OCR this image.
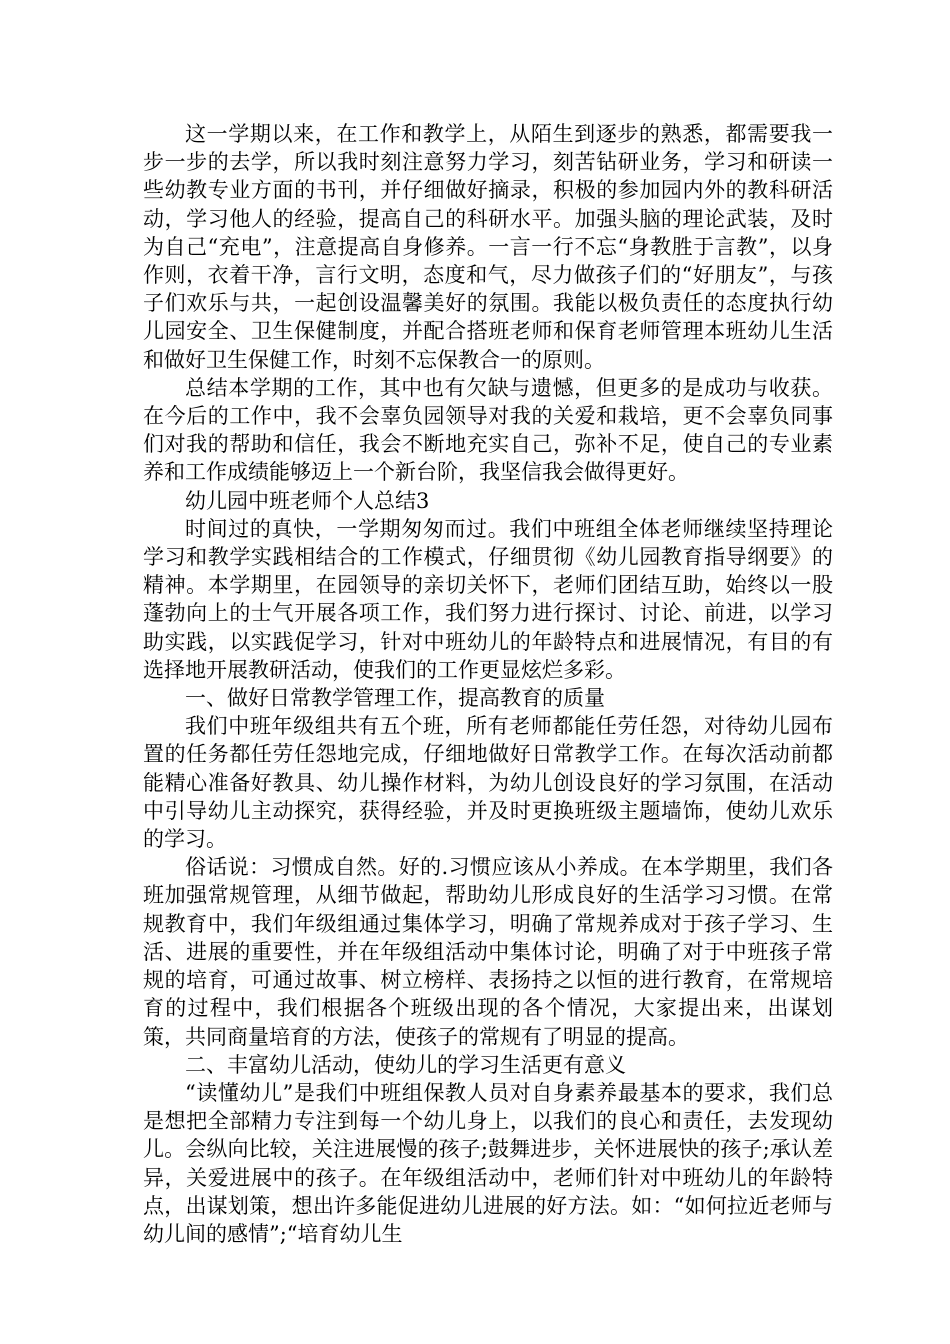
这一学期以来，在工作和教学上，从陌生到逐步的熟悉，都需要我一步一步的去学，所以我时刻注意努力学习，刻苦钻研业务，学习和研读一些幼教专业方面的书刊，并仔细做好摘录，积极的参加园内外的教科研活动，学习他人的经验，提高自己的科研水平。加强头脑的理论武装，及时为自己“充电”，注意提高自身修养。一言一行不忘“身教胜于言教”，以身作则，衣着干净，言行文明，态度和气，尽力做孩子们的“好朋友”，与孩子们欢乐与共，一起创设温馨美好的氛围。我能以极负责任的态度执行幼儿园安全、卫生保健制度，并配合搭班老师和保育老师管理本班幼儿生活和做好卫生保健工作，时刻不忘保教合一的原则。

总结本学期的工作，其中也有欠缺与遗憾，但更多的是成功与收获。在今后的工作中，我不会辜负园领导对我的关爱和栽培，更不会辜负同事们对我的帮助和信任，我会不断地充实自己，弥补不足，使自己的专业素养和工作成绩能够迈上一个新台阶，我坚信我会做得更好。

幼儿园中班老师个人总结3

时间过的真快，一学期匆匆而过。我们中班组全体老师继续坚持理论学习和教学实践相结合的工作模式，仔细贯彻《幼儿园教育指导纲要》的精神。本学期里，在园领导的亲切关怀下，老师们团结互助，始终以一股蓬勃向上的士气开展各项工作，我们努力进行探讨、讨论、前进，以学习助实践，以实践促学习，针对中班幼儿的年龄特点和进展情况，有目的有选择地开展教研活动，使我们的工作更显炫烂多彩。

一、做好日常教学管理工作，提高教育的质量

我们中班年级组共有五个班，所有老师都能任劳任怨，对待幼儿园布置的任务都任劳任怨地完成，仔细地做好日常教学工作。在每次活动前都能精心准备好教具、幼儿操作材料，为幼儿创设良好的学习氛围，在活动中引导幼儿主动探究，获得经验，并及时更换班级主题墙饰，使幼儿欢乐的学习。

俗话说：习惯成自然。好的.习惯应该从小养成。在本学期里，我们各班加强常规管理，从细节做起，帮助幼儿形成良好的生活学习习惯。在常规教育中，我们年级组通过集体学习，明确了常规养成对于孩子学习、生活、进展的重要性，并在年级组活动中集体讨论，明确了对于中班孩子常规的培育，可通过故事、树立榜样、表扬持之以恒的进行教育，在常规培育的过程中，我们根据各个班级出现的各个情况，大家提出来，出谋划策，共同商量培育的方法，使孩子的常规有了明显的提高。

二、丰富幼儿活动，使幼儿的学习生活更有意义

“读懂幼儿”是我们中班组保教人员对自身素养最基本的要求，我们总是想把全部精力专注到每一个幼儿身上，以我们的良心和责任，去发现幼儿。会纵向比较，关注进展慢的孩子;鼓舞进步，关怀进展快的孩子;承认差异，关爱进展中的孩子。在年级组活动中，老师们针对中班幼儿的年龄特点，出谋划策，想出许多能促进幼儿进展的好方法。如：“如何拉近老师与幼儿间的感情”;“培育幼儿生
